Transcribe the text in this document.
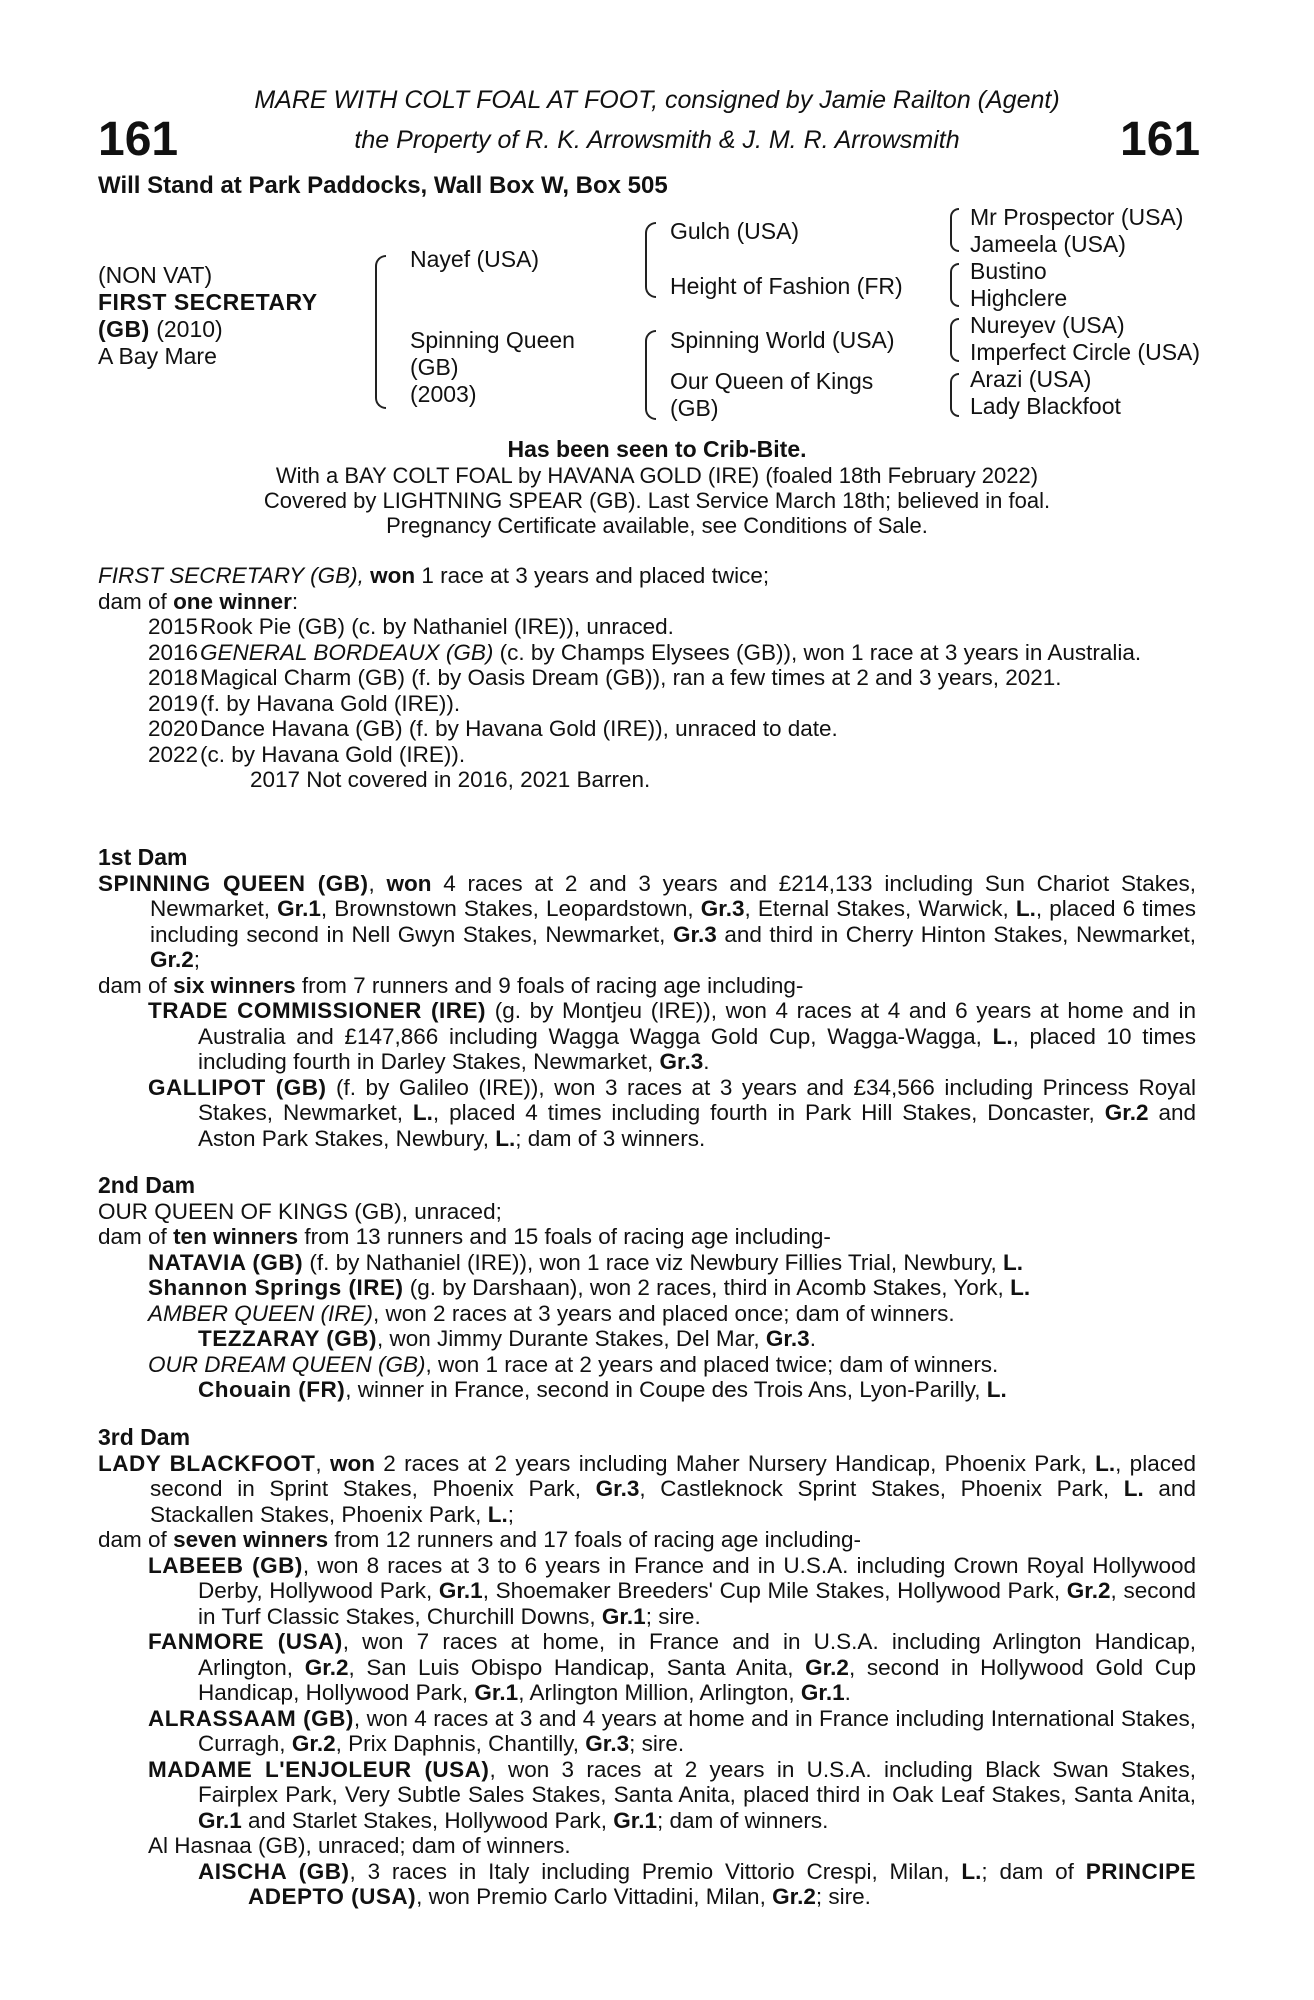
161	161
MARE WITH COLT FOAL AT FOOT, consigned by Jamie Railton (Agent)
the Property of R. K. Arrowsmith & J. M. R. Arrowsmith
Will Stand at Park Paddocks, Wall Box W, Box 505
(NON VAT)
FIRST SECRETARY
(GB) (2010)
A Bay Mare
Nayef (USA)
Spinning Queen
(GB)
(2003)
Gulch (USA)
Height of Fashion (FR)
Spinning World (USA)
Our Queen of Kings
(GB)
Mr Prospector (USA)
Jameela (USA)
Bustino
Highclere
Nureyev (USA)
Imperfect Circle (USA)
Arazi (USA)
Lady Blackfoot
Has been seen to Crib-Bite.
With a BAY COLT FOAL by HAVANA GOLD (IRE) (foaled 18th February 2022)
Covered by LIGHTNING SPEAR (GB). Last Service March 18th; believed in foal.
Pregnancy Certificate available, see Conditions of Sale.

FIRST SECRETARY (GB), won 1 race at 3 years and placed twice;

dam of one winner:

2015Rook Pie (GB) (c. by Nathaniel (IRE)), unraced.

2016GENERAL BORDEAUX (GB) (c. by Champs Elysees (GB)), won 1 race at 3 years in Australia.

2018Magical Charm (GB) (f. by Oasis Dream (GB)), ran a few times at 2 and 3 years, 2021.

2019(f. by Havana Gold (IRE)).

2020Dance Havana (GB) (f. by Havana Gold (IRE)), unraced to date.

2022(c. by Havana Gold (IRE)).

2017 Not covered in 2016, 2021 Barren.

1st Dam

SPINNING QUEEN (GB), won 4 races at 2 and 3 years and £214,133 including Sun Chariot Stakes, Newmarket, Gr.1, Brownstown Stakes, Leopardstown, Gr.3, Eternal Stakes, Warwick, L., placed 6 times including second in Nell Gwyn Stakes, Newmarket, Gr.3 and third in Cherry Hinton Stakes, Newmarket, Gr.2;

dam of six winners from 7 runners and 9 foals of racing age including-

TRADE COMMISSIONER (IRE) (g. by Montjeu (IRE)), won 4 races at 4 and 6 years at home and in Australia and £147,866 including Wagga Wagga Gold Cup, Wagga-Wagga, L., placed 10 times including fourth in Darley Stakes, Newmarket, Gr.3.

GALLIPOT (GB) (f. by Galileo (IRE)), won 3 races at 3 years and £34,566 including Princess Royal Stakes, Newmarket, L., placed 4 times including fourth in Park Hill Stakes, Doncaster, Gr.2 and Aston Park Stakes, Newbury, L.; dam of 3 winners.

2nd Dam

OUR QUEEN OF KINGS (GB), unraced;

dam of ten winners from 13 runners and 15 foals of racing age including-

NATAVIA (GB) (f. by Nathaniel (IRE)), won 1 race viz Newbury Fillies Trial, Newbury, L.

Shannon Springs (IRE) (g. by Darshaan), won 2 races, third in Acomb Stakes, York, L.

AMBER QUEEN (IRE), won 2 races at 3 years and placed once; dam of winners.

TEZZARAY (GB), won Jimmy Durante Stakes, Del Mar, Gr.3.

OUR DREAM QUEEN (GB), won 1 race at 2 years and placed twice; dam of winners.

Chouain (FR), winner in France, second in Coupe des Trois Ans, Lyon-Parilly, L.

3rd Dam

LADY BLACKFOOT, won 2 races at 2 years including Maher Nursery Handicap, Phoenix Park, L., placed second in Sprint Stakes, Phoenix Park, Gr.3, Castleknock Sprint Stakes, Phoenix Park, L. and Stackallen Stakes, Phoenix Park, L.;

dam of seven winners from 12 runners and 17 foals of racing age including-

LABEEB (GB), won 8 races at 3 to 6 years in France and in U.S.A. including Crown Royal Hollywood Derby, Hollywood Park, Gr.1, Shoemaker Breeders' Cup Mile Stakes, Hollywood Park, Gr.2, second in Turf Classic Stakes, Churchill Downs, Gr.1; sire.

FANMORE (USA), won 7 races at home, in France and in U.S.A. including Arlington Handicap, Arlington, Gr.2, San Luis Obispo Handicap, Santa Anita, Gr.2, second in Hollywood Gold Cup Handicap, Hollywood Park, Gr.1, Arlington Million, Arlington, Gr.1.

ALRASSAAM (GB), won 4 races at 3 and 4 years at home and in France including International Stakes, Curragh, Gr.2, Prix Daphnis, Chantilly, Gr.3; sire.

MADAME L'ENJOLEUR (USA), won 3 races at 2 years in U.S.A. including Black Swan Stakes, Fairplex Park, Very Subtle Sales Stakes, Santa Anita, placed third in Oak Leaf Stakes, Santa Anita, Gr.1 and Starlet Stakes, Hollywood Park, Gr.1; dam of winners.

Al Hasnaa (GB), unraced; dam of winners.

AISCHA (GB), 3 races in Italy including Premio Vittorio Crespi, Milan, L.; dam of PRINCIPE ADEPTO (USA), won Premio Carlo Vittadini, Milan, Gr.2; sire.
